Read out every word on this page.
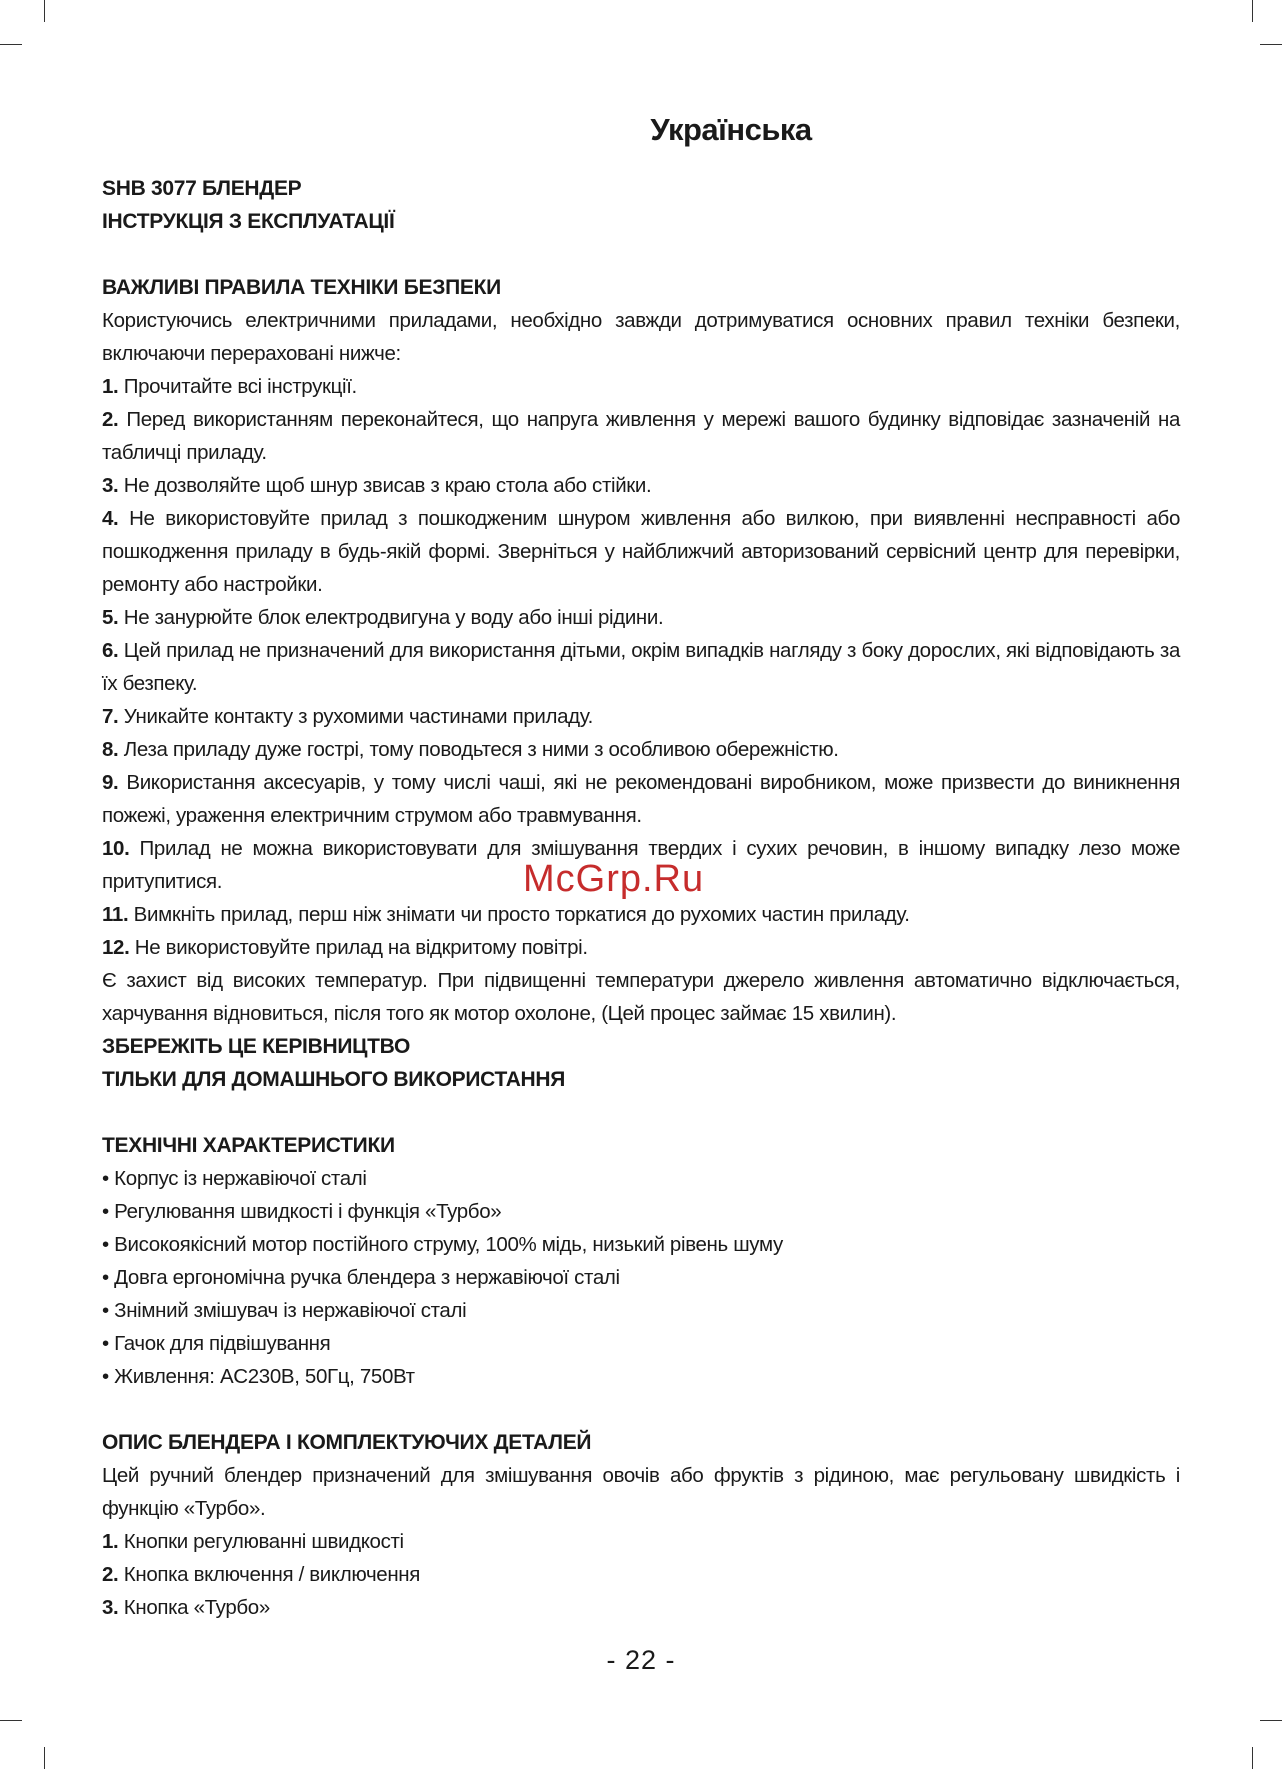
Українська
SHB 3077 БЛЕНДЕР
ІНСТРУКЦІЯ З ЕКСПЛУАТАЦІЇ
ВАЖЛИВІ ПРАВИЛА ТЕХНІКИ БЕЗПЕКИ

Користуючись електричними приладами, необхідно завжди дотримуватися основних правил техніки безпеки, включаючи перераховані нижче:

1. Прочитайте всі інструкції.

2. Перед використанням переконайтеся, що напруга живлення у мережі вашого будинку відповідає зазначеній на табличці приладу.

3. Не дозволяйте щоб шнур звисав з краю стола або стійки.

4. Не використовуйте прилад з пошкодженим шнуром живлення або вилкою, при виявленні несправності або пошкодження приладу в будь-якій формі. Зверніться у найближчий авторизований сервісний центр для перевірки, ремонту або настройки.

5. Не занурюйте блок електродвигуна у воду або інші рідини.

6. Цей прилад не призначений для використання дітьми, окрім випадків нагляду з боку дорослих, які відповідають за їх безпеку.

7. Уникайте контакту з рухомими частинами приладу.

8. Леза приладу дуже гострі, тому поводьтеся з ними з особливою обережністю.

9. Використання аксесуарів, у тому числі чаші, які не рекомендовані виробником, може призвести до виникнення пожежі, ураження електричним струмом або травмування.

10. Прилад не можна використовувати для змішування твердих і сухих речовин, в іншому випадку лезо може притупитися.

11. Вимкніть прилад, перш ніж знімати чи просто торкатися до рухомих частин приладу.

12. Не використовуйте прилад на відкритому повітрі.

Є захист від високих температур. При підвищенні температури джерело живлення автоматично відключається, харчування відновиться, після того як мотор охолоне, (Цей процес займає 15 хвилин).

ЗБЕРЕЖІТЬ ЦЕ КЕРІВНИЦТВО
ТІЛЬКИ ДЛЯ ДОМАШНЬОГО ВИКОРИСТАННЯ
ТЕХНІЧНІ ХАРАКТЕРИСТИКИ
• Корпус із нержавіючої сталі
• Регулювання швидкості і функція «Турбо»
• Високоякісний мотор постійного струму, 100% мідь, низький рівень шуму
• Довга ергономічна ручка блендера з нержавіючої сталі
• Знімний змішувач із нержавіючої сталі
• Гачок для підвішування
• Живлення: AC230В, 50Гц, 750Вт
ОПИС БЛЕНДЕРА І КОМПЛЕКТУЮЧИХ ДЕТАЛЕЙ

Цей ручний блендер призначений для змішування овочів або фруктів з рідиною, має регульовану швидкість і функцію «Турбо».

1. Кнопки регулюванні швидкості

2. Кнопка включення / виключення

3. Кнопка «Турбо»

McGrp.Ru
- 22 -
